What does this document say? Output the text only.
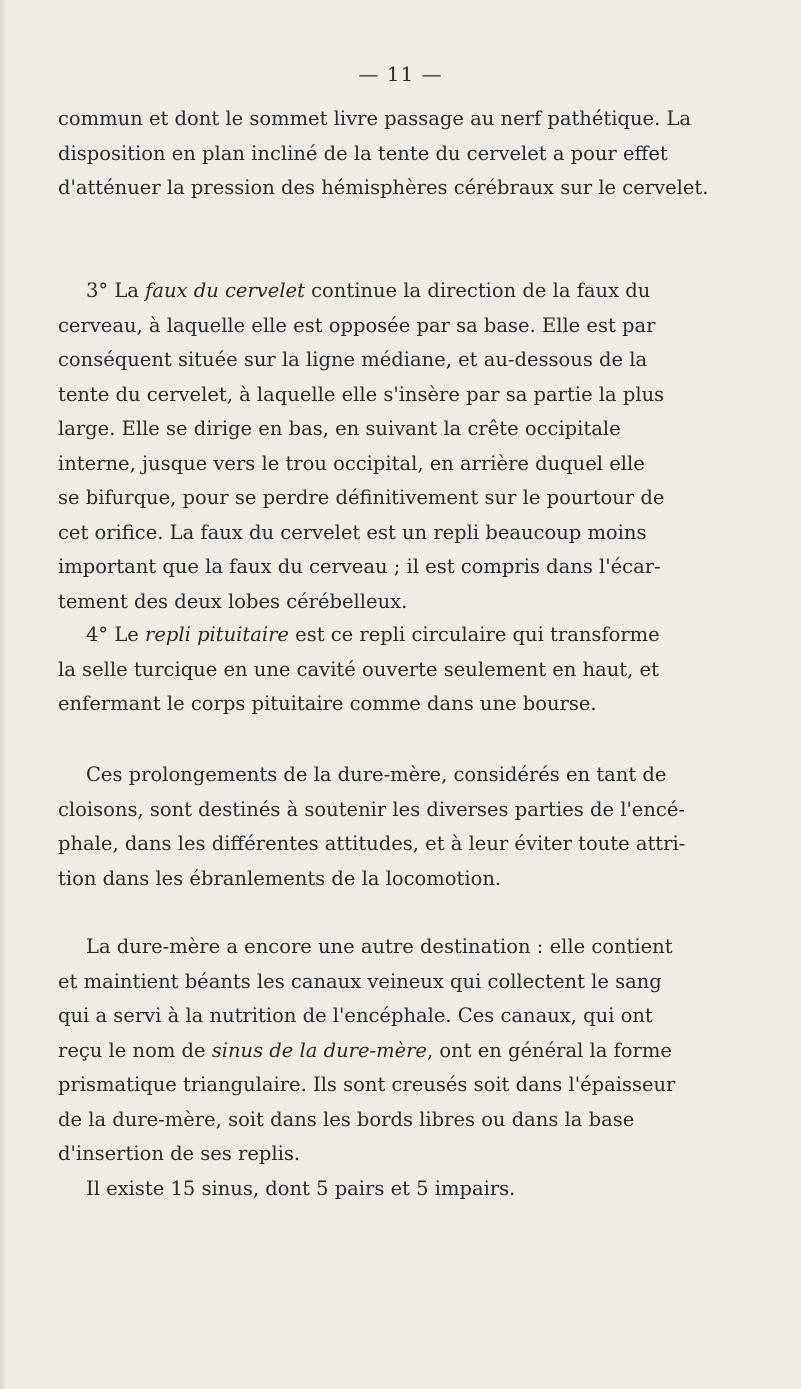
— 11 —

commun et dont le sommet livre passage au nerf pathétique. La
disposition en plan incliné de la tente du cervelet a pour effet
d'atténuer la pression des hémisphères cérébraux sur le cervelet.

3° La faux du cervelet continue la direction de la faux du
cerveau, à laquelle elle est opposée par sa base. Elle est par
conséquent située sur la ligne médiane, et au-dessous de la
tente du cervelet, à laquelle elle s'insère par sa partie la plus
large. Elle se dirige en bas, en suivant la crête occipitale
interne, jusque vers le trou occipital, en arrière duquel elle
se bifurque, pour se perdre définitivement sur le pourtour de
cet orifice. La faux du cervelet est un repli beaucoup moins
important que la faux du cerveau ; il est compris dans l'écar-
tement des deux lobes cérébelleux.

4° Le repli pituitaire est ce repli circulaire qui transforme
la selle turcique en une cavité ouverte seulement en haut, et
enfermant le corps pituitaire comme dans une bourse.

Ces prolongements de la dure-mère, considérés en tant de
cloisons, sont destinés à soutenir les diverses parties de l'encé-
phale, dans les différentes attitudes, et à leur éviter toute attri-
tion dans les ébranlements de la locomotion.

La dure-mère a encore une autre destination : elle contient
et maintient béants les canaux veineux qui collectent le sang
qui a servi à la nutrition de l'encéphale. Ces canaux, qui ont
reçu le nom de sinus de la dure-mère, ont en général la forme
prismatique triangulaire. Ils sont creusés soit dans l'épaisseur
de la dure-mère, soit dans les bords libres ou dans la base
d'insertion de ses replis.
Il existe 15 sinus, dont 5 pairs et 5 impairs.
